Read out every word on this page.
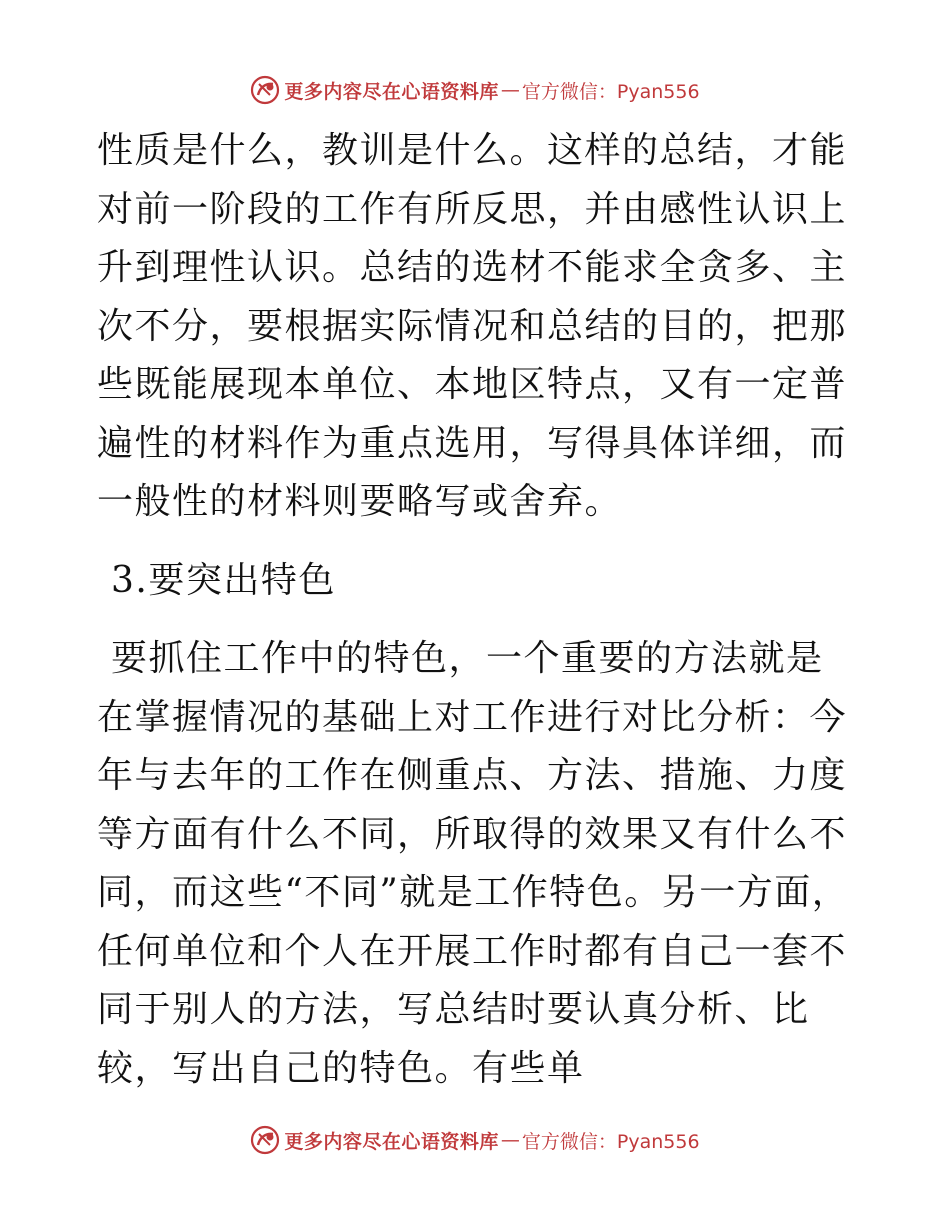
更多内容尽在心语资料库 — 官方微信：Pyan556

性质是什么，教训是什么。这样的总结，才能对前一阶段的工作有所反思，并由感性认识上升到理性认识。总结的选材不能求全贪多、主次不分，要根据实际情况和总结的目的，把那些既能展现本单位、本地区特点，又有一定普遍性的材料作为重点选用，写得具体详细，而一般性的材料则要略写或舍弃。

3.要突出特色

要抓住工作中的特色，一个重要的方法就是在掌握情况的基础上对工作进行对比分析：今年与去年的工作在侧重点、方法、措施、力度等方面有什么不同，所取得的效果又有什么不同，而这些“不同”就是工作特色。另一方面，任何单位和个人在开展工作时都有自己一套不同于别人的方法，写总结时要认真分析、比较，写出自己的特色。有些单

更多内容尽在心语资料库 — 官方微信：Pyan556
